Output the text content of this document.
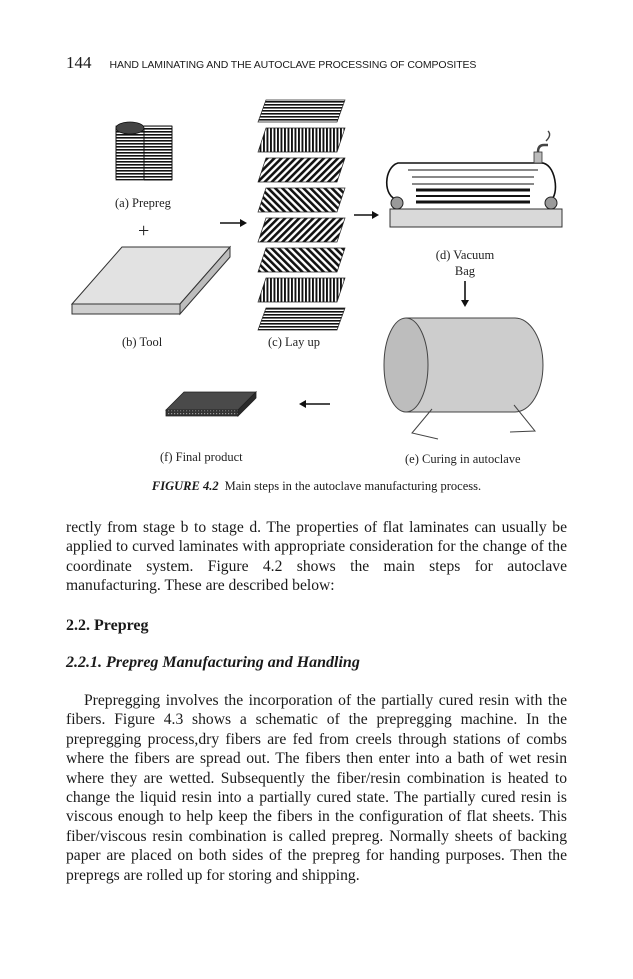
144 HAND LAMINATING AND THE AUTOCLAVE PROCESSING OF COMPOSITES
(a) Prepreg
+
(b) Tool	(c) Lay up
(d) Vacuum
Bag
(e) Curing in autoclave
(f) Final product
FIGURE 4.2 Main steps in the autoclave manufacturing process.
rectly from stage b to stage d. The properties of flat laminates can usually be applied to curved laminates with appropriate consideration for the change of the coordinate system. Figure 4.2 shows the main steps for autoclave manufacturing. These are described below:
2.2. Prepreg
2.2.1. Prepreg Manufacturing and Handling
Prepregging involves the incorporation of the partially cured resin with the fibers. Figure 4.3 shows a schematic of the prepregging machine. In the prepregging process,dry fibers are fed from creels through stations of combs where the fibers are spread out. The fibers then enter into a bath of wet resin where they are wetted. Subsequently the fiber/resin combination is heated to change the liquid resin into a partially cured state. The partially cured resin is viscous enough to help keep the fibers in the configuration of flat sheets. This fiber/viscous resin combination is called prepreg. Normally sheets of backing paper are placed on both sides of the prepreg for handing purposes. Then the prepregs are rolled up for storing and shipping.
